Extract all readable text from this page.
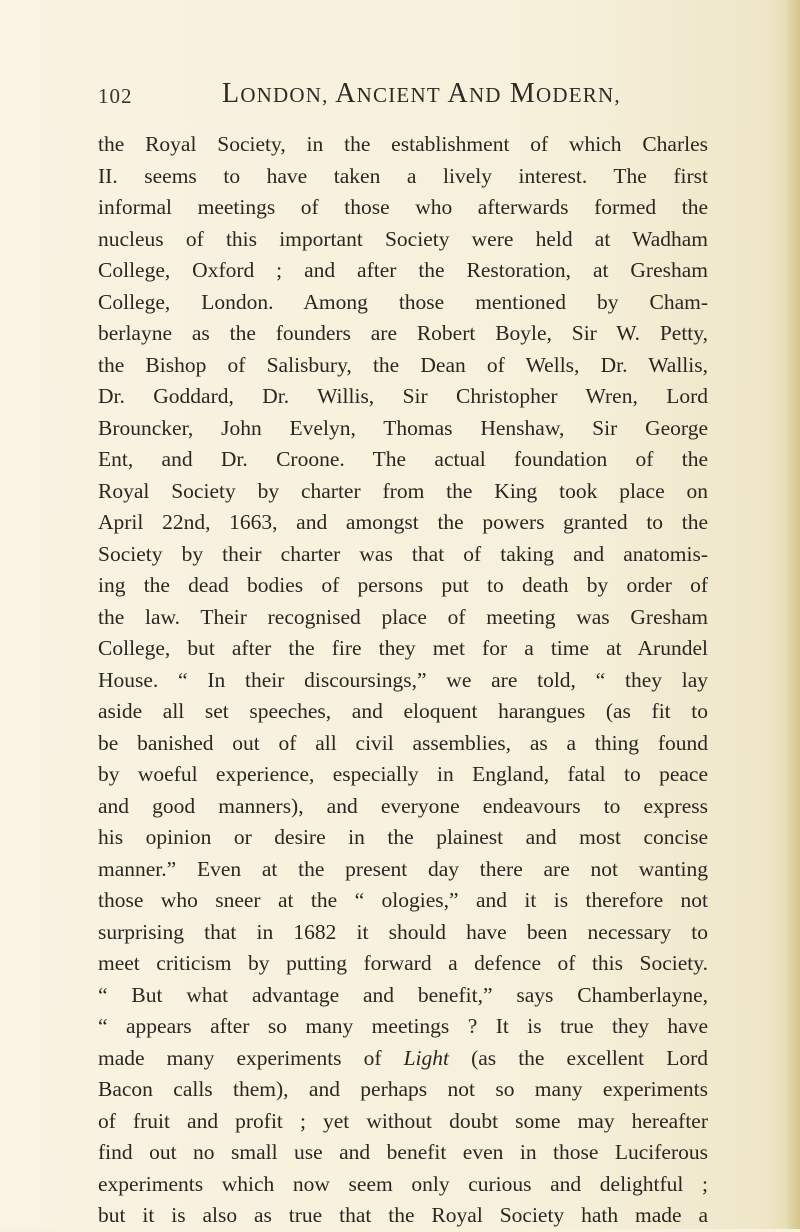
102	LONDON, ANCIENT AND MODERN,
the Royal Society, in the establishment of which Charles
II. seems to have taken a lively interest. The first
informal meetings of those who afterwards formed the
nucleus of this important Society were held at Wadham
College, Oxford ; and after the Restoration, at Gresham
College, London. Among those mentioned by Cham-
berlayne as the founders are Robert Boyle, Sir W. Petty,
the Bishop of Salisbury, the Dean of Wells, Dr. Wallis,
Dr. Goddard, Dr. Willis, Sir Christopher Wren, Lord
Brouncker, John Evelyn, Thomas Henshaw, Sir George
Ent, and Dr. Croone. The actual foundation of the
Royal Society by charter from the King took place on
April 22nd, 1663, and amongst the powers granted to the
Society by their charter was that of taking and anatomis-
ing the dead bodies of persons put to death by order of
the law. Their recognised place of meeting was Gresham
College, but after the fire they met for a time at Arundel
House. “ In their discoursings,” we are told, “ they lay
aside all set speeches, and eloquent harangues (as fit to
be banished out of all civil assemblies, as a thing found
by woeful experience, especially in England, fatal to peace
and good manners), and everyone endeavours to express
his opinion or desire in the plainest and most concise
manner.” Even at the present day there are not wanting
those who sneer at the “ ologies,” and it is therefore not
surprising that in 1682 it should have been necessary to
meet criticism by putting forward a defence of this Society.
“ But what advantage and benefit,” says Chamberlayne,
“ appears after so many meetings ? It is true they have
made many experiments of Light (as the excellent Lord
Bacon calls them), and perhaps not so many experiments
of fruit and profit ; yet without doubt some may hereafter
find out no small use and benefit even in those Luciferous
experiments which now seem only curious and delightful ;
but it is also as true that the Royal Society hath made a
